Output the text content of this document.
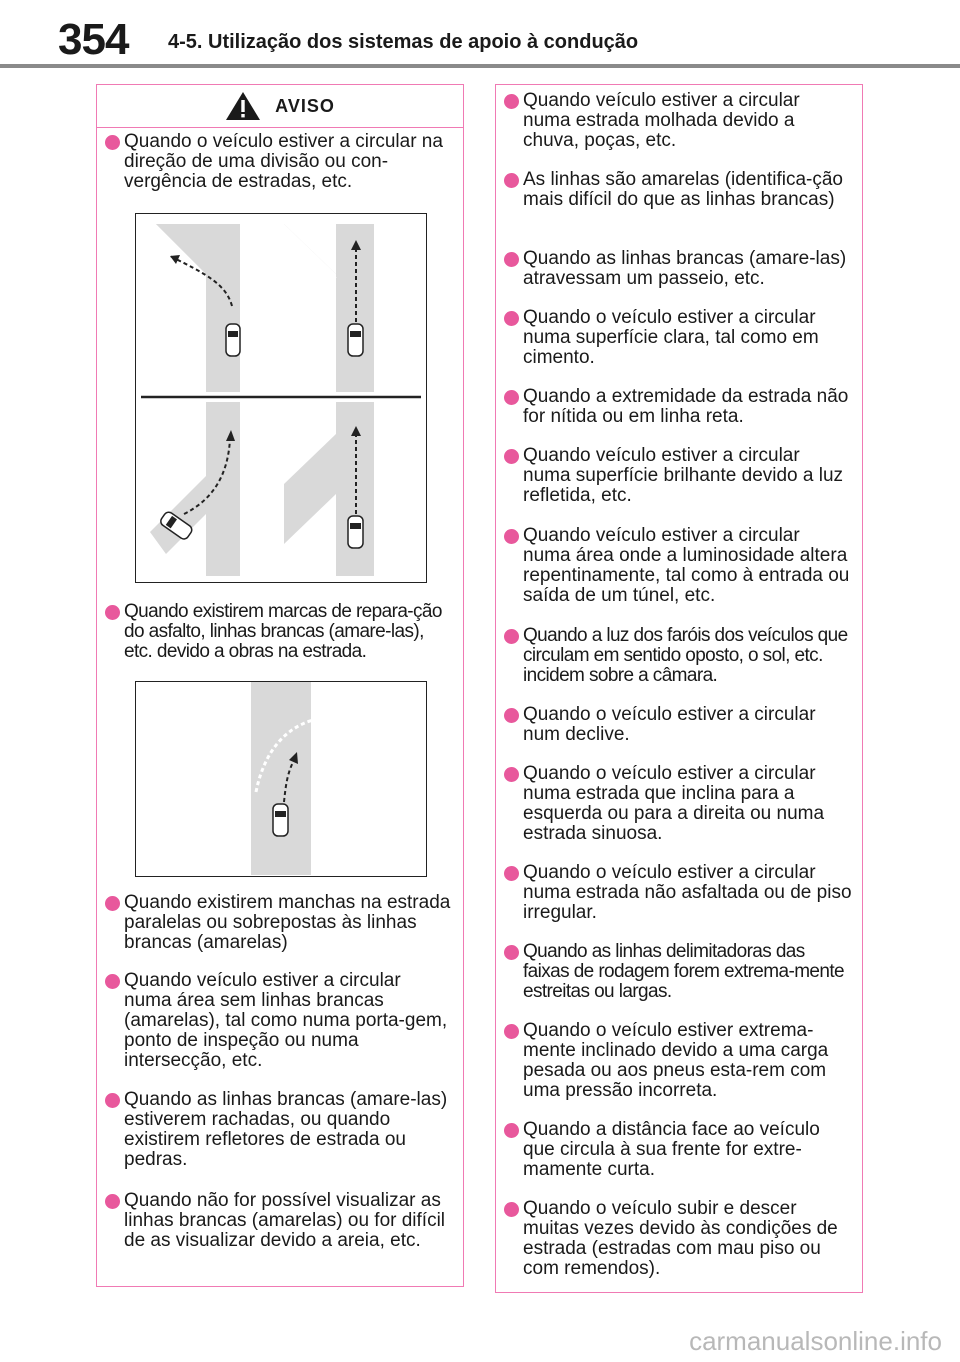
354 4-5. Utilização dos sistemas de apoio à condução
AVISO
Quando o veículo estiver a circular na direção de uma divisão ou con-vergência de estradas, etc.
Quando existirem marcas de repara-ção do asfalto, linhas brancas (amare-las), etc. devido a obras na estrada.
Quando existirem manchas na estrada paralelas ou sobrepostas às linhas brancas (amarelas)
Quando veículo estiver a circular numa área sem linhas brancas (amarelas), tal como numa porta-gem, ponto de inspeção ou numa intersecção, etc.
Quando as linhas brancas (amare-las) estiverem rachadas, ou quando existirem refletores de estrada ou pedras.
Quando não for possível visualizar as linhas brancas (amarelas) ou for difícil de as visualizar devido a areia, etc.
Quando veículo estiver a circular numa estrada molhada devido a chuva, poças, etc.
As linhas são amarelas (identifica-ção mais difícil do que as linhas brancas)
Quando as linhas brancas (amare-las) atravessam um passeio, etc.
Quando o veículo estiver a circular numa superfície clara, tal como em cimento.
Quando a extremidade da estrada não for nítida ou em linha reta.
Quando veículo estiver a circular numa superfície brilhante devido a luz refletida, etc.
Quando veículo estiver a circular numa área onde a luminosidade altera repentinamente, tal como à entrada ou saída de um túnel, etc.
Quando a luz dos faróis dos veículos que circulam em sentido oposto, o sol, etc. incidem sobre a câmara.
Quando o veículo estiver a circular num declive.
Quando o veículo estiver a circular numa estrada que inclina para a esquerda ou para a direita ou numa estrada sinuosa.
Quando o veículo estiver a circular numa estrada não asfaltada ou de piso irregular.
Quando as linhas delimitadoras das faixas de rodagem forem extrema-mente estreitas ou largas.
Quando o veículo estiver extrema-mente inclinado devido a uma carga pesada ou aos pneus esta-rem com uma pressão incorreta.
Quando a distância face ao veículo que circula à sua frente for extre-mamente curta.
Quando o veículo subir e descer muitas vezes devido às condições de estrada (estradas com mau piso ou com remendos).
carmanualsonline.info
